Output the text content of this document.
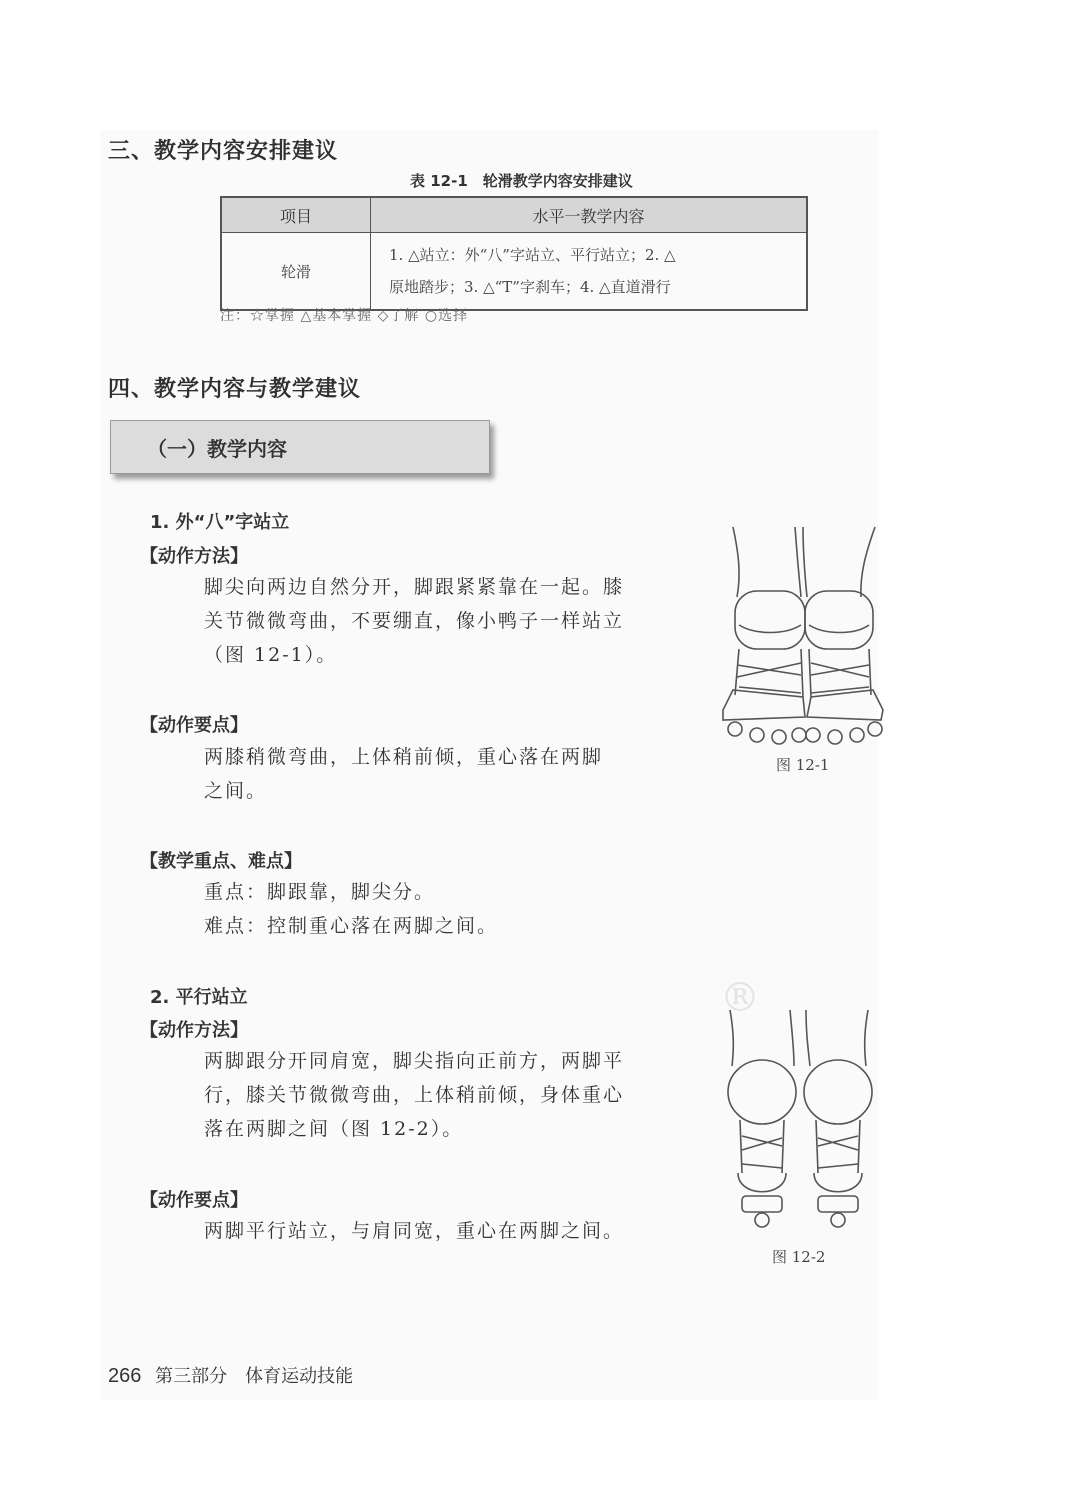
三、教学内容安排建议
表 12-1　轮滑教学内容安排建议
项目	水平一教学内容
轮滑	1. △站立：外“八”字站立、平行站立；2. △
原地踏步；3. △“T”字刹车；4. △直道滑行
注：☆掌握 △基本掌握 ◇了解 ○选择
四、教学内容与教学建议
（一）教学内容
1. 外“八”字站立
【动作方法】
脚尖向两边自然分开，脚跟紧紧靠在一起。膝
关节微微弯曲，不要绷直，像小鸭子一样站立
（图 12-1）。
【动作要点】
两膝稍微弯曲，上体稍前倾，重心落在两脚
之间。
【教学重点、难点】
重点：脚跟靠，脚尖分。
难点：控制重心落在两脚之间。
图 12-1
2. 平行站立
【动作方法】
两脚跟分开同肩宽，脚尖指向正前方，两脚平
行，膝关节微微弯曲，上体稍前倾，身体重心
落在两脚之间（图 12-2）。
【动作要点】
两脚平行站立，与肩同宽，重心在两脚之间。
®
图 12-2
266 第三部分　体育运动技能
